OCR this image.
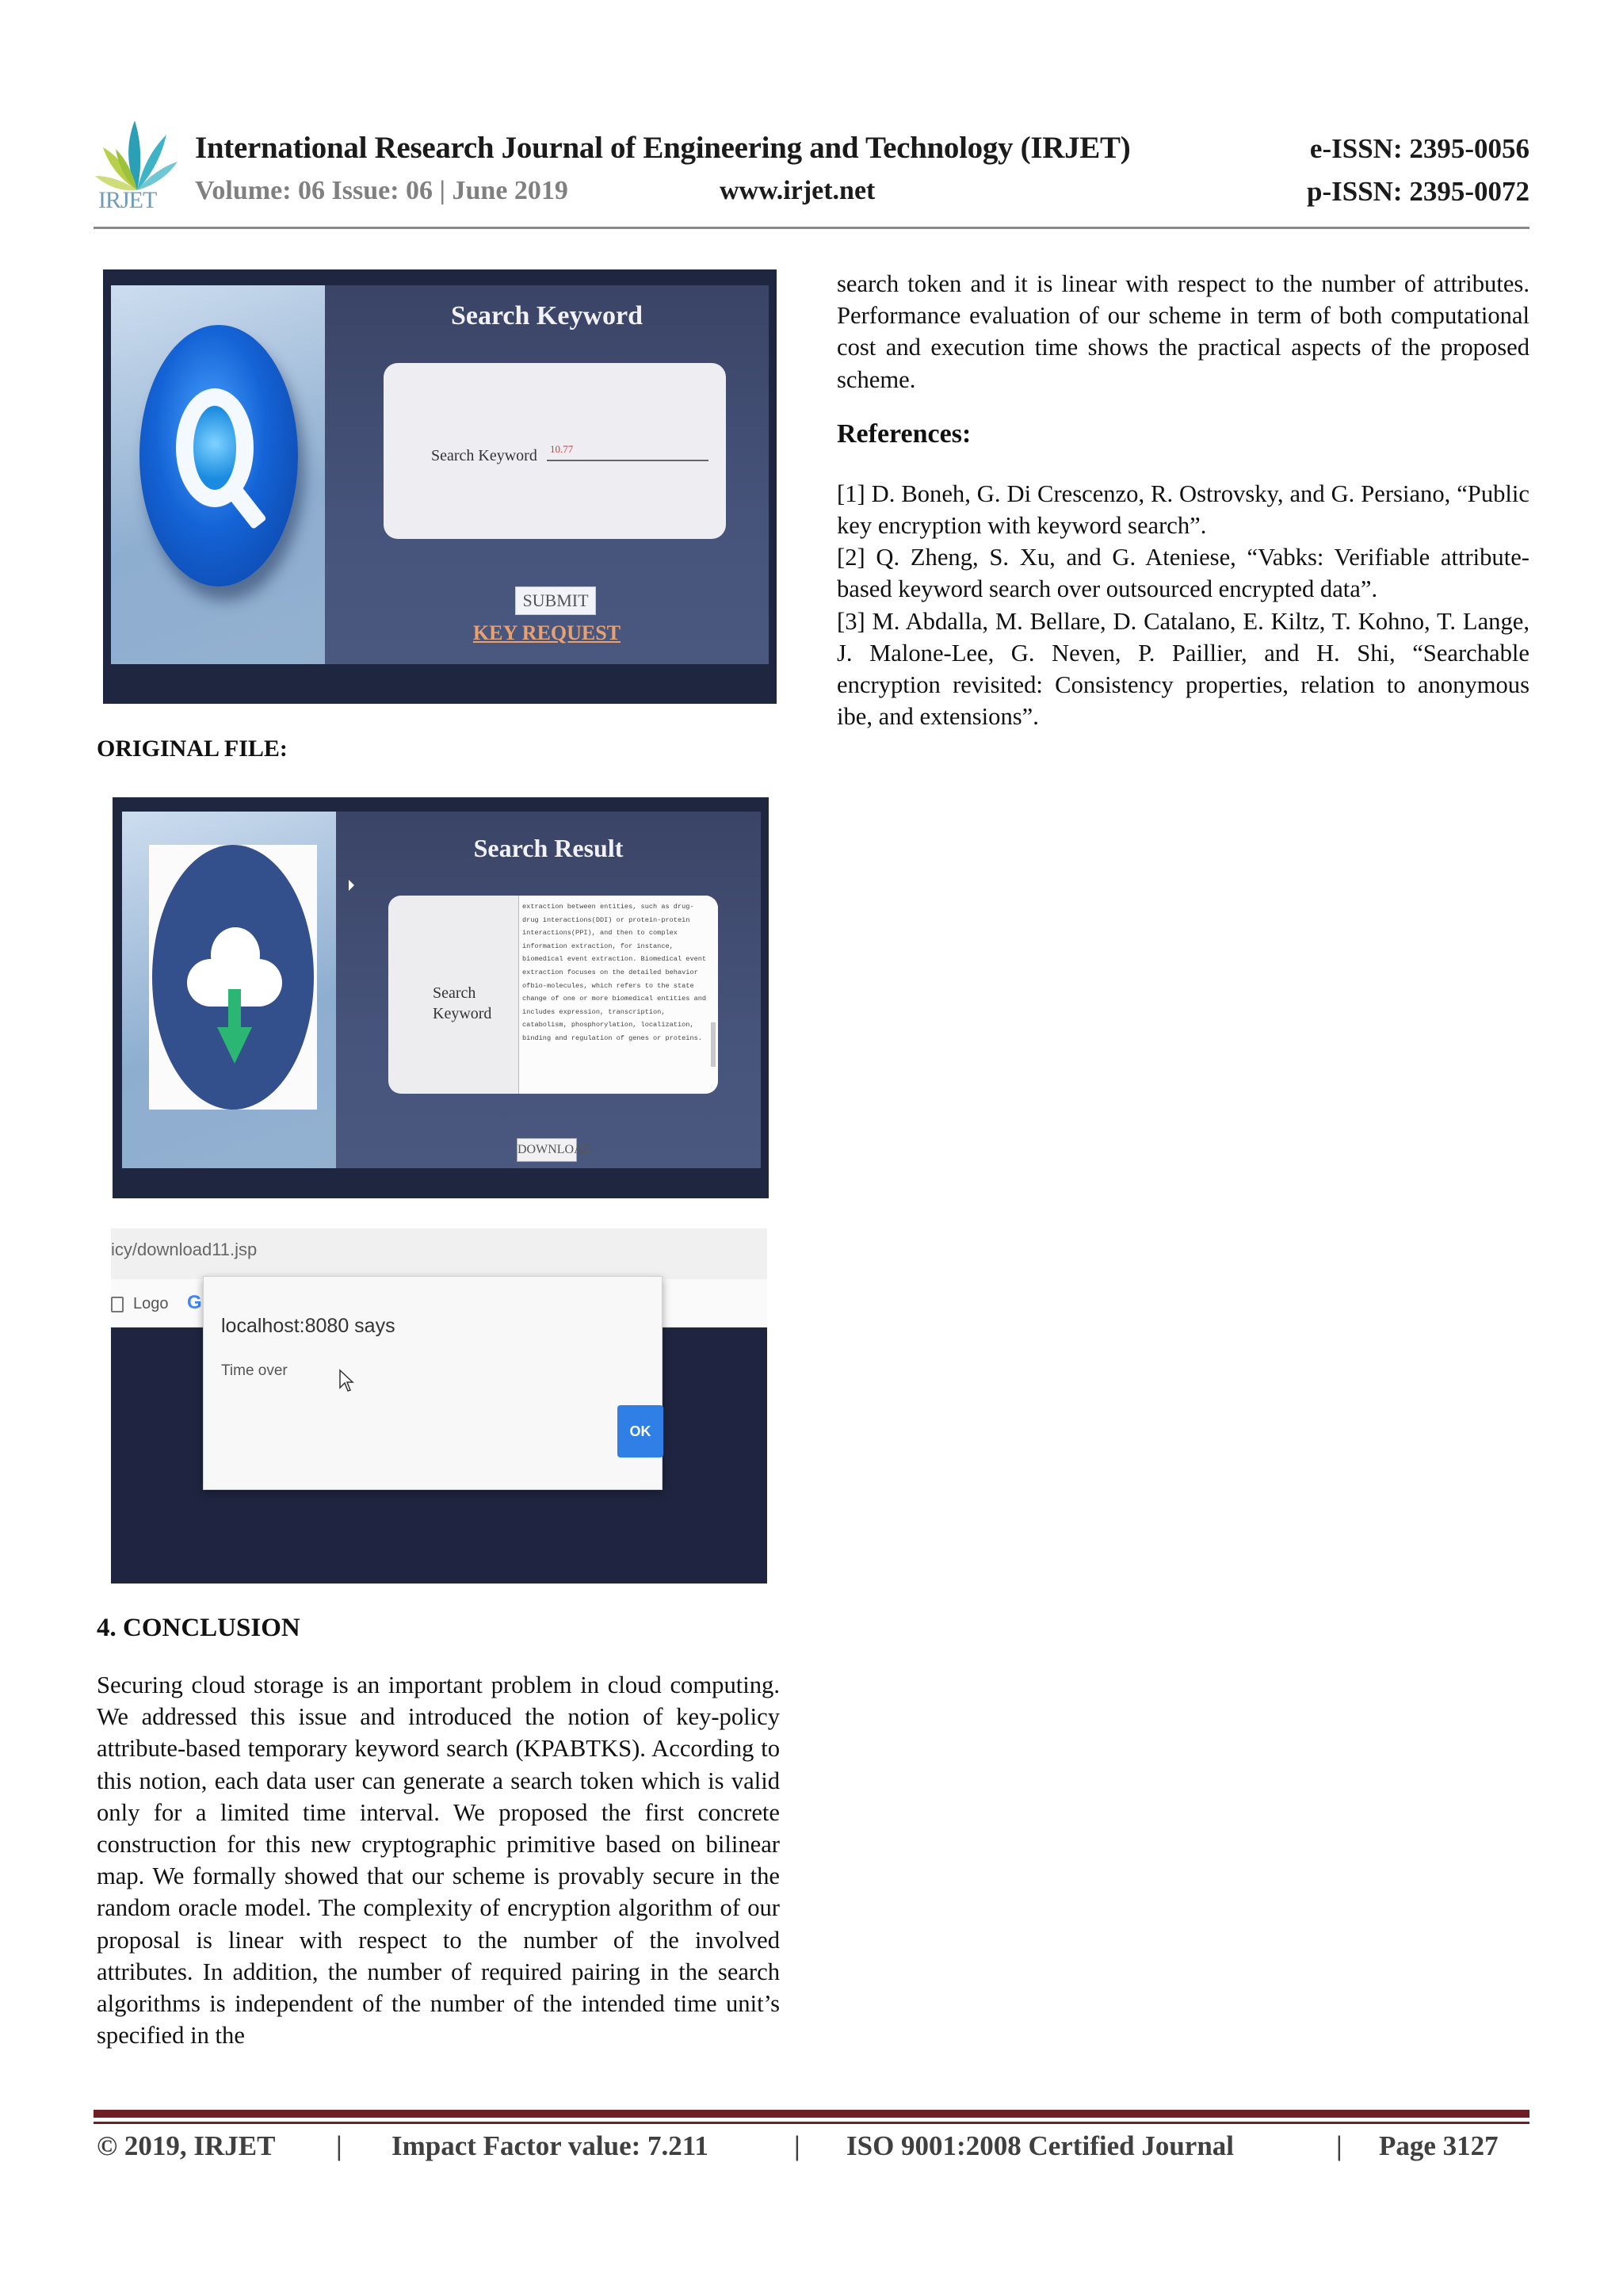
IRJET
International Research Journal of Engineering and Technology (IRJET)	e-ISSN: 2395-0056
Volume: 06 Issue: 06 | June 2019	www.irjet.net	p-ISSN: 2395-0072
Search Keyword
Search Keyword
10.77
SUBMIT
KEY REQUEST
ORIGINAL FILE:
Search Result
Search Keyword
extraction between entities, such as drug-drug interactions(DDI) or protein-protein interactions(PPI), and then to complex information extraction, for instance, biomedical event extraction. Biomedical event extraction focuses on the detailed behavior ofbio-molecules, which refers to the state change of one or more biomedical entities and includes expression, transcription, catabolism, phosphorylation, localization, binding and regulation of genes or proteins.
DOWNLOAD
icy/download11.jsp
Logo G
localhost:8080 says
Time over
OK
4. CONCLUSION

Securing cloud storage is an important problem in cloud computing. We addressed this issue and introduced the notion of key-policy attribute-based temporary keyword search (KPABTKS). According to this notion, each data user can generate a search token which is valid only for a limited time interval. We proposed the first concrete construction for this new cryptographic primitive based on bilinear map. We formally showed that our scheme is provably secure in the random oracle model. The complexity of encryption algorithm of our proposal is linear with respect to the number of the involved attributes. In addition, the number of required pairing in the search algorithms is independent of the number of the intended time unit’s specified in the

search token and it is linear with respect to the number of attributes. Performance evaluation of our scheme in term of both computational cost and execution time shows the practical aspects of the proposed scheme.

References:

[1] D. Boneh, G. Di Crescenzo, R. Ostrovsky, and G. Persiano, “Public key encryption with keyword search”.

[2] Q. Zheng, S. Xu, and G. Ateniese, “Vabks: Verifiable attribute-based keyword search over outsourced encrypted data”.

[3] M. Abdalla, M. Bellare, D. Catalano, E. Kiltz, T. Kohno, T. Lange, J. Malone-Lee, G. Neven, P. Paillier, and H. Shi, “Searchable encryption revisited: Consistency properties, relation to anonymous ibe, and extensions”.

© 2019, IRJET | Impact Factor value: 7.211	| ISO 9001:2008 Certified Journal	| Page 3127
